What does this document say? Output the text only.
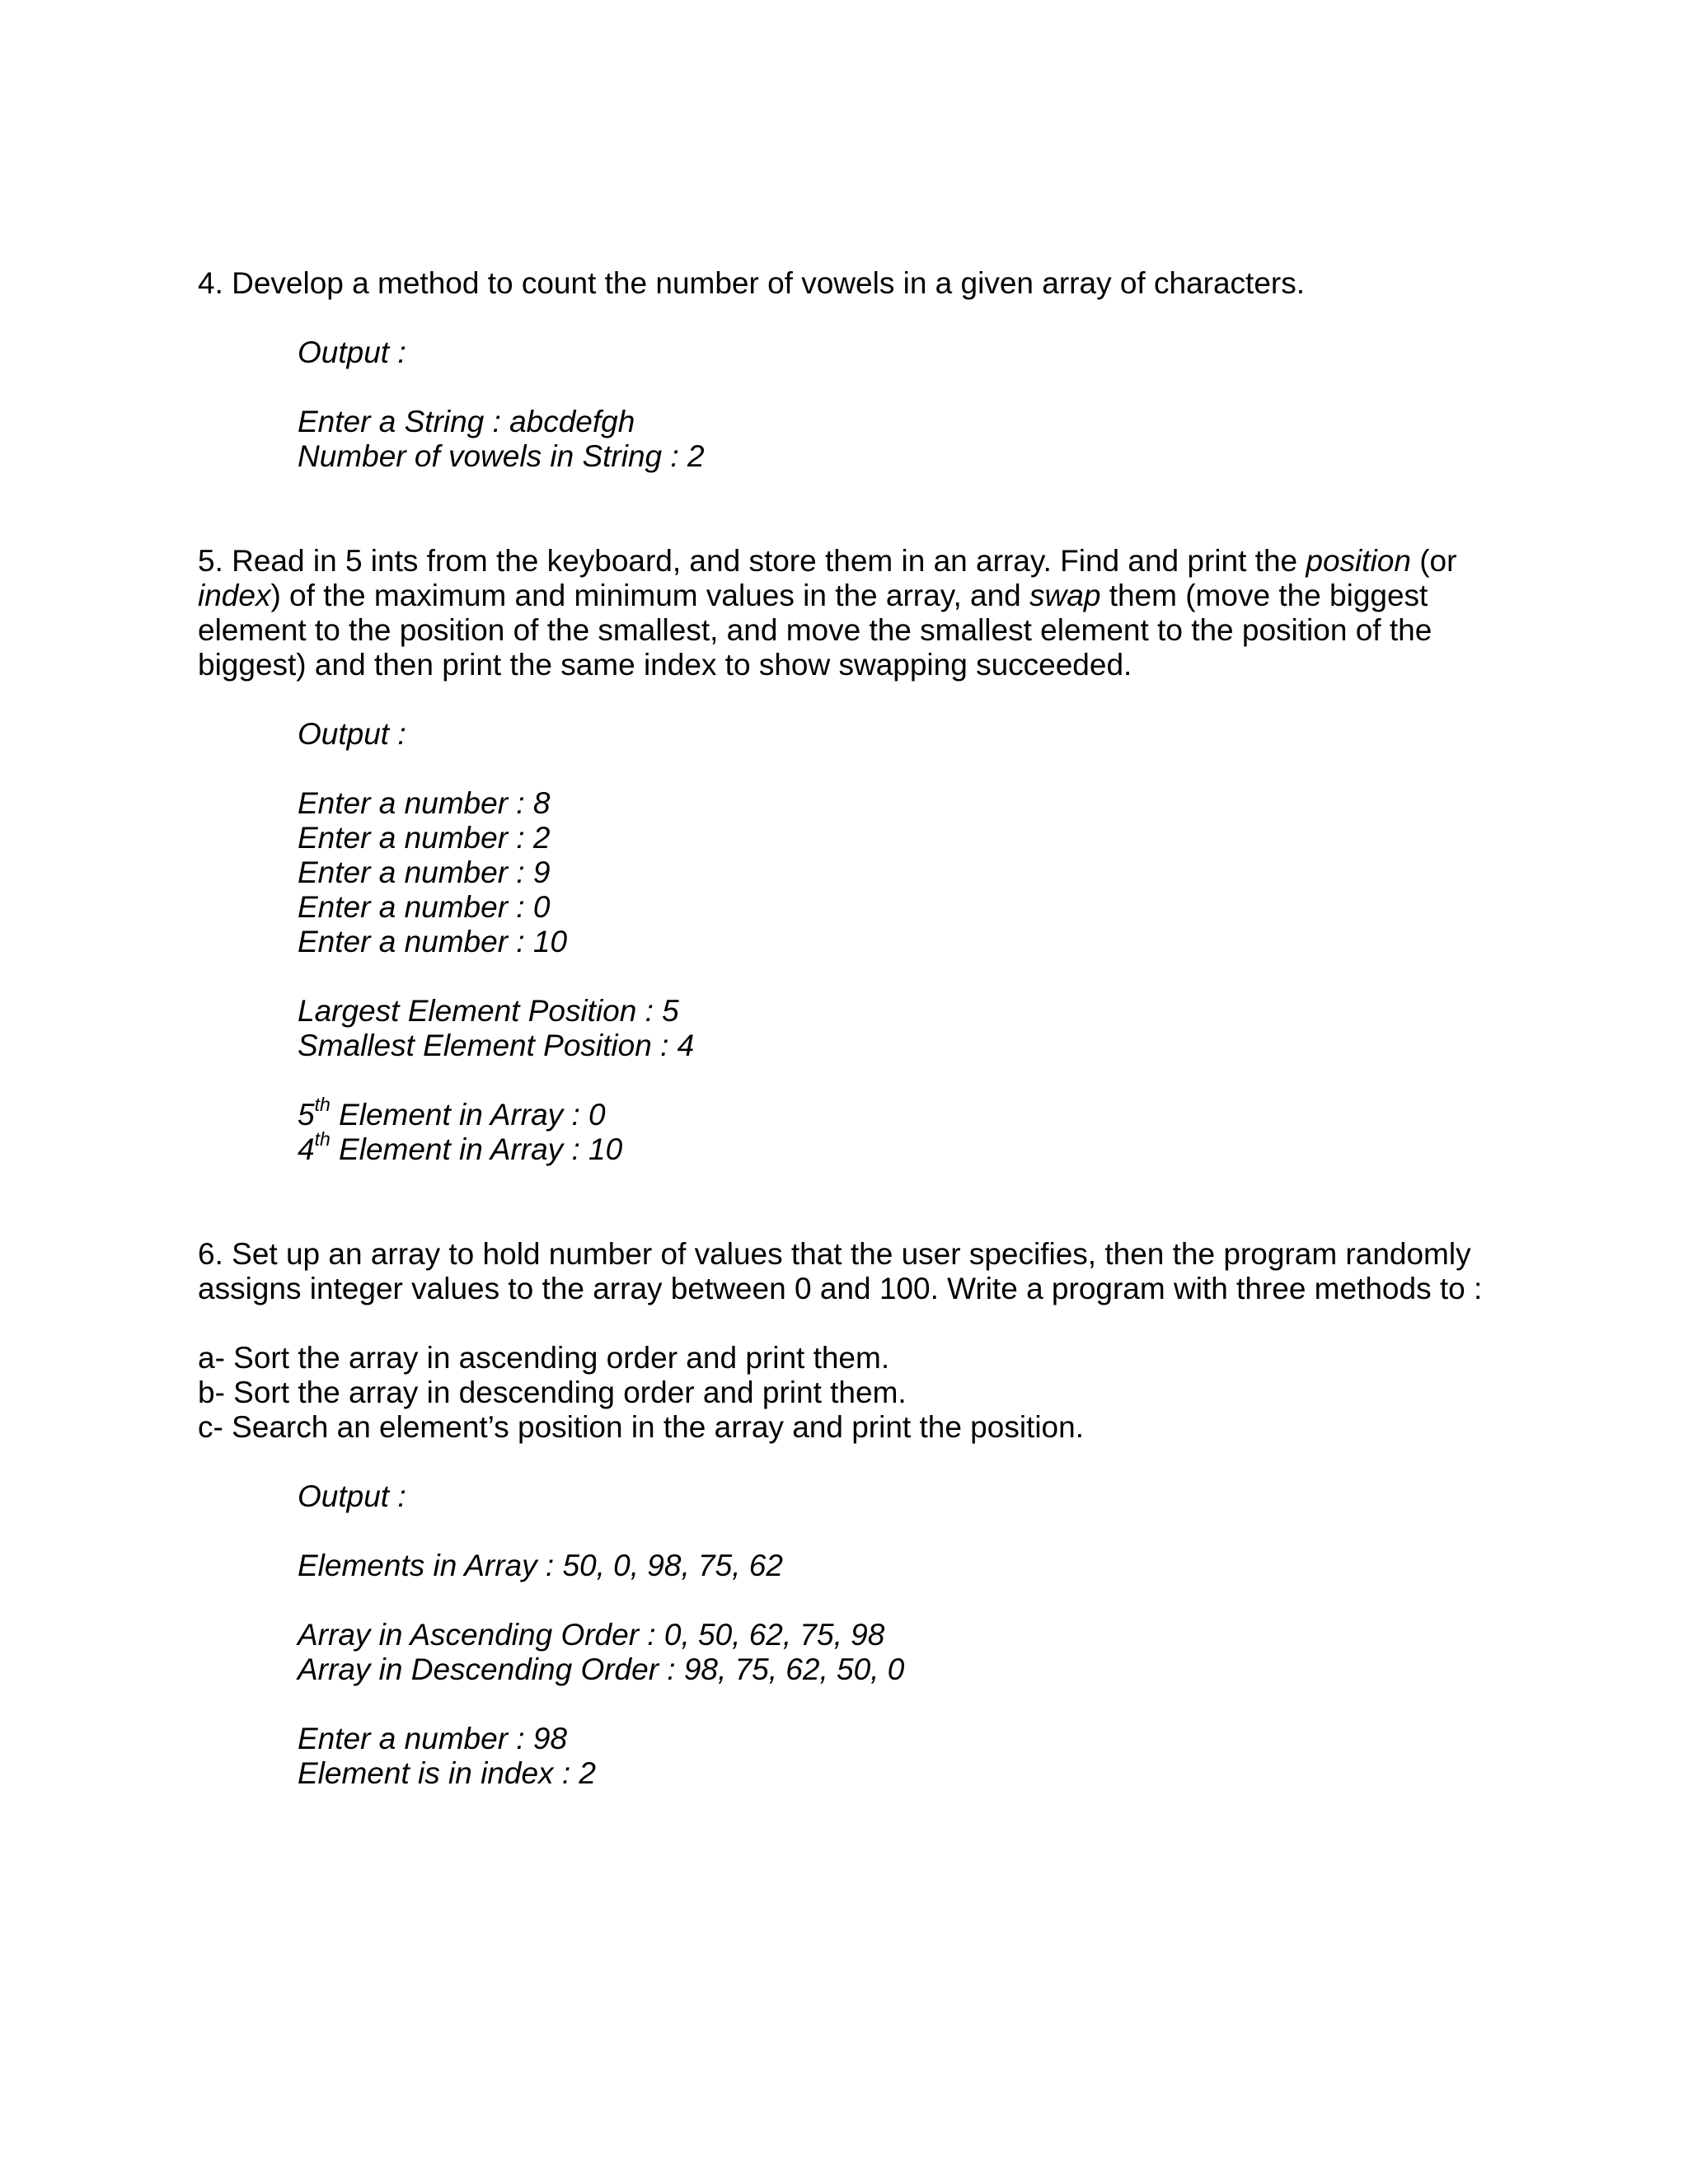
4. Develop a method to count the number of vowels in a given array of characters.
Output :
Enter a String : abcdefgh
Number of vowels in String : 2
5. Read in 5 ints from the keyboard, and store them in an array. Find and print the position (or
index) of the maximum and minimum values in the array, and swap them (move the biggest
element to the position of the smallest, and move the smallest element to the position of the
biggest) and then print the same index to show swapping succeeded.
Output :
Enter a number : 8
Enter a number : 2
Enter a number : 9
Enter a number : 0
Enter a number : 10
Largest Element Position : 5
Smallest Element Position : 4
5th Element in Array : 0
4th Element in Array : 10
6. Set up an array to hold number of values that the user specifies, then the program randomly
assigns integer values to the array between 0 and 100. Write a program with three methods to :
a- Sort the array in ascending order and print them.
b- Sort the array in descending order and print them.
c- Search an element’s position in the array and print the position.
Output :
Elements in Array : 50, 0, 98, 75, 62
Array in Ascending Order : 0, 50, 62, 75, 98
Array in Descending Order : 98, 75, 62, 50, 0
Enter a number : 98
Element is in index : 2
